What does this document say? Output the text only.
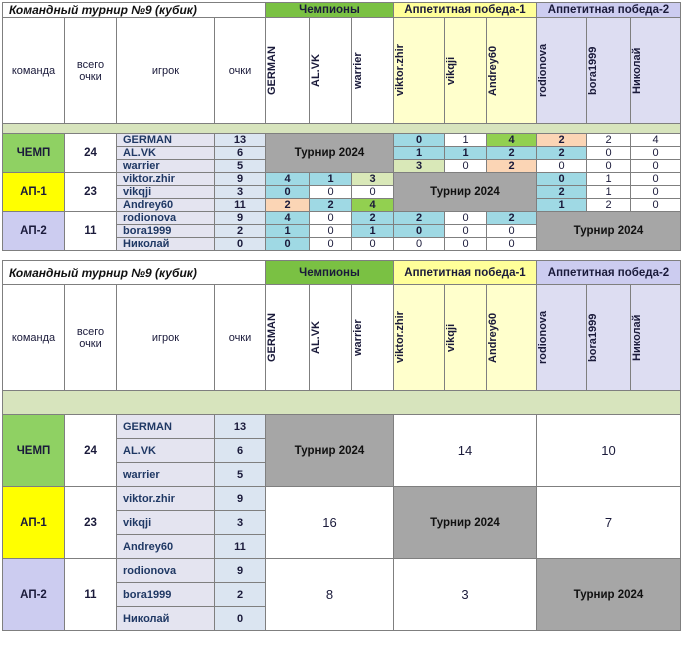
Командный турнир №9 (кубик)				Чемпионы			Аппетитная победа-1			Аппетитная победа-2		
команда	всего очки	игрок	очки	GERMAN	AL.VK	warrier	viktor.zhir	vikqji	Andrey60	rodionova	bora1999	Николай

ЧЕМП	24	GERMAN	13	Турнир 2024			0	1	4	2	2	4
		AL.VK	6				1	1	2	2	0	0
		warrier	5				3	0	2	0	0	0
АП-1	23	viktor.zhir	9	4	1	3	Турнир 2024			0	1	0
		vikqji	3	0	0	0				2	1	0
		Andrey60	11	2	2	4				1	2	0
АП-2	11	rodionova	9	4	0	2	2	0	2	Турнир 2024		
		bora1999	2	1	0	1	0	0	0			
		Николай	0	0	0	0	0	0	0			
Командный турнир №9 (кубик)				Чемпионы			Аппетитная победа-1			Аппетитная победа-2		
команда	всего очки	игрок	очки	GERMAN	AL.VK	warrier	viktor.zhir	vikqji	Andrey60	rodionova	bora1999	Николай

ЧЕМП	24	GERMAN	13	Турнир 2024			14			10		
		AL.VK	6									
		warrier	5									
АП-1	23	viktor.zhir	9	16			Турнир 2024			7		
		vikqji	3									
		Andrey60	11									
АП-2	11	rodionova	9	8			3			Турнир 2024		
		bora1999	2									
		Николай	0									
